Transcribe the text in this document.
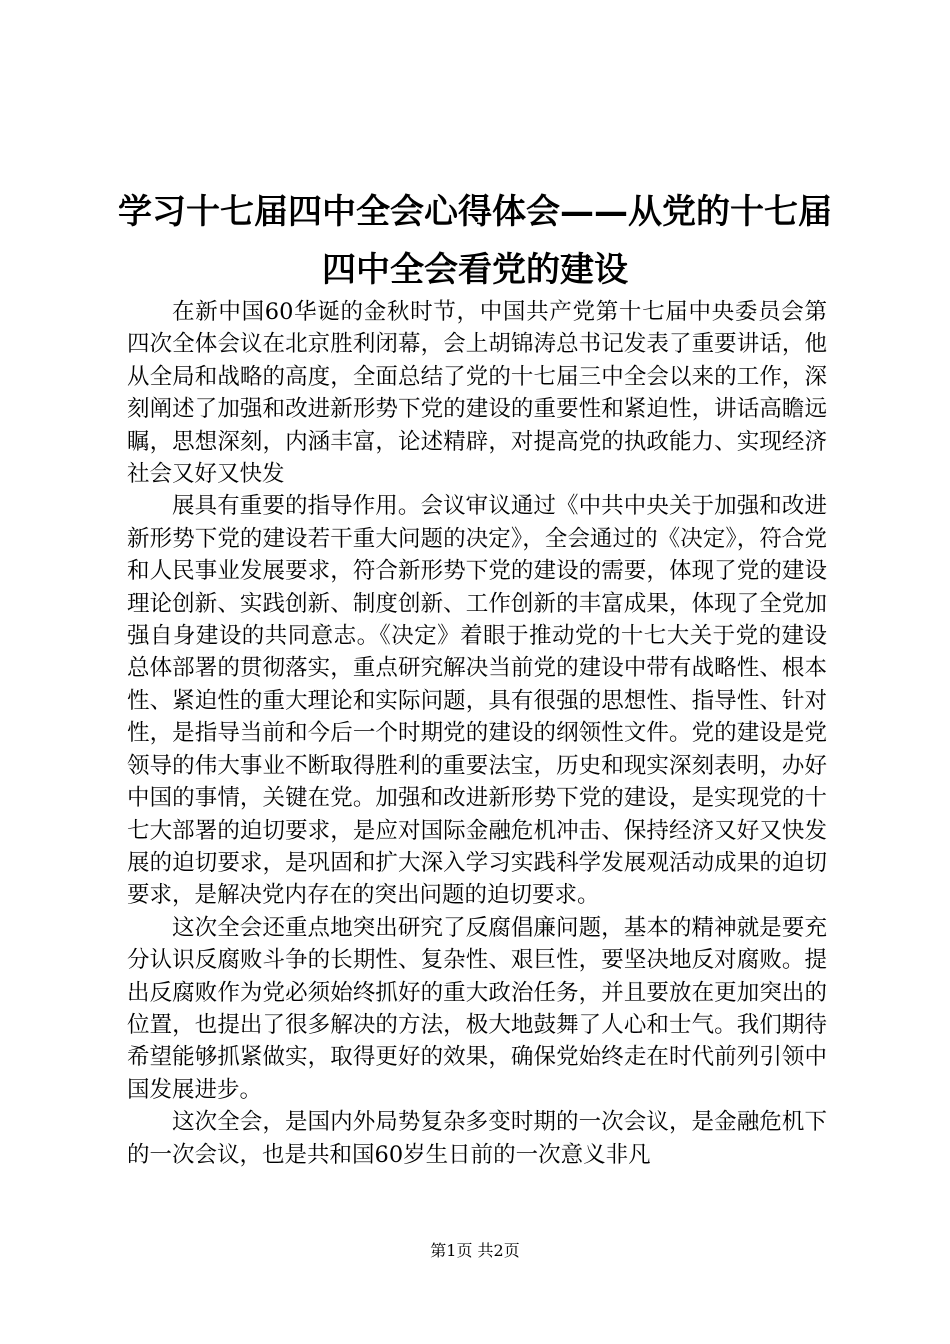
学习十七届四中全会心得体会——从党的十七届四中全会看党的建设

在新中国60华诞的金秋时节，中国共产党第十七届中央委员会第四次全体会议在北京胜利闭幕，会上胡锦涛总书记发表了重要讲话，他从全局和战略的高度，全面总结了党的十七届三中全会以来的工作，深刻阐述了加强和改进新形势下党的建设的重要性和紧迫性，讲话高瞻远瞩，思想深刻，内涵丰富，论述精辟，对提高党的执政能力、实现经济社会又好又快发

展具有重要的指导作用。会议审议通过《中共中央关于加强和改进新形势下党的建设若干重大问题的决定》，全会通过的《决定》，符合党和人民事业发展要求，符合新形势下党的建设的需要，体现了党的建设理论创新、实践创新、制度创新、工作创新的丰富成果，体现了全党加强自身建设的共同意志。《决定》着眼于推动党的十七大关于党的建设总体部署的贯彻落实，重点研究解决当前党的建设中带有战略性、根本性、紧迫性的重大理论和实际问题，具有很强的思想性、指导性、针对性，是指导当前和今后一个时期党的建设的纲领性文件。党的建设是党领导的伟大事业不断取得胜利的重要法宝，历史和现实深刻表明，办好中国的事情，关键在党。加强和改进新形势下党的建设，是实现党的十七大部署的迫切要求，是应对国际金融危机冲击、保持经济又好又快发展的迫切要求，是巩固和扩大深入学习实践科学发展观活动成果的迫切要求，是解决党内存在的突出问题的迫切要求。

这次全会还重点地突出研究了反腐倡廉问题，基本的精神就是要充分认识反腐败斗争的长期性、复杂性、艰巨性，要坚决地反对腐败。提出反腐败作为党必须始终抓好的重大政治任务，并且要放在更加突出的位置，也提出了很多解决的方法，极大地鼓舞了人心和士气。我们期待希望能够抓紧做实，取得更好的效果，确保党始终走在时代前列引领中国发展进步。

这次全会，是国内外局势复杂多变时期的一次会议，是金融危机下的一次会议，也是共和国60岁生日前的一次意义非凡

第1页 共2页
